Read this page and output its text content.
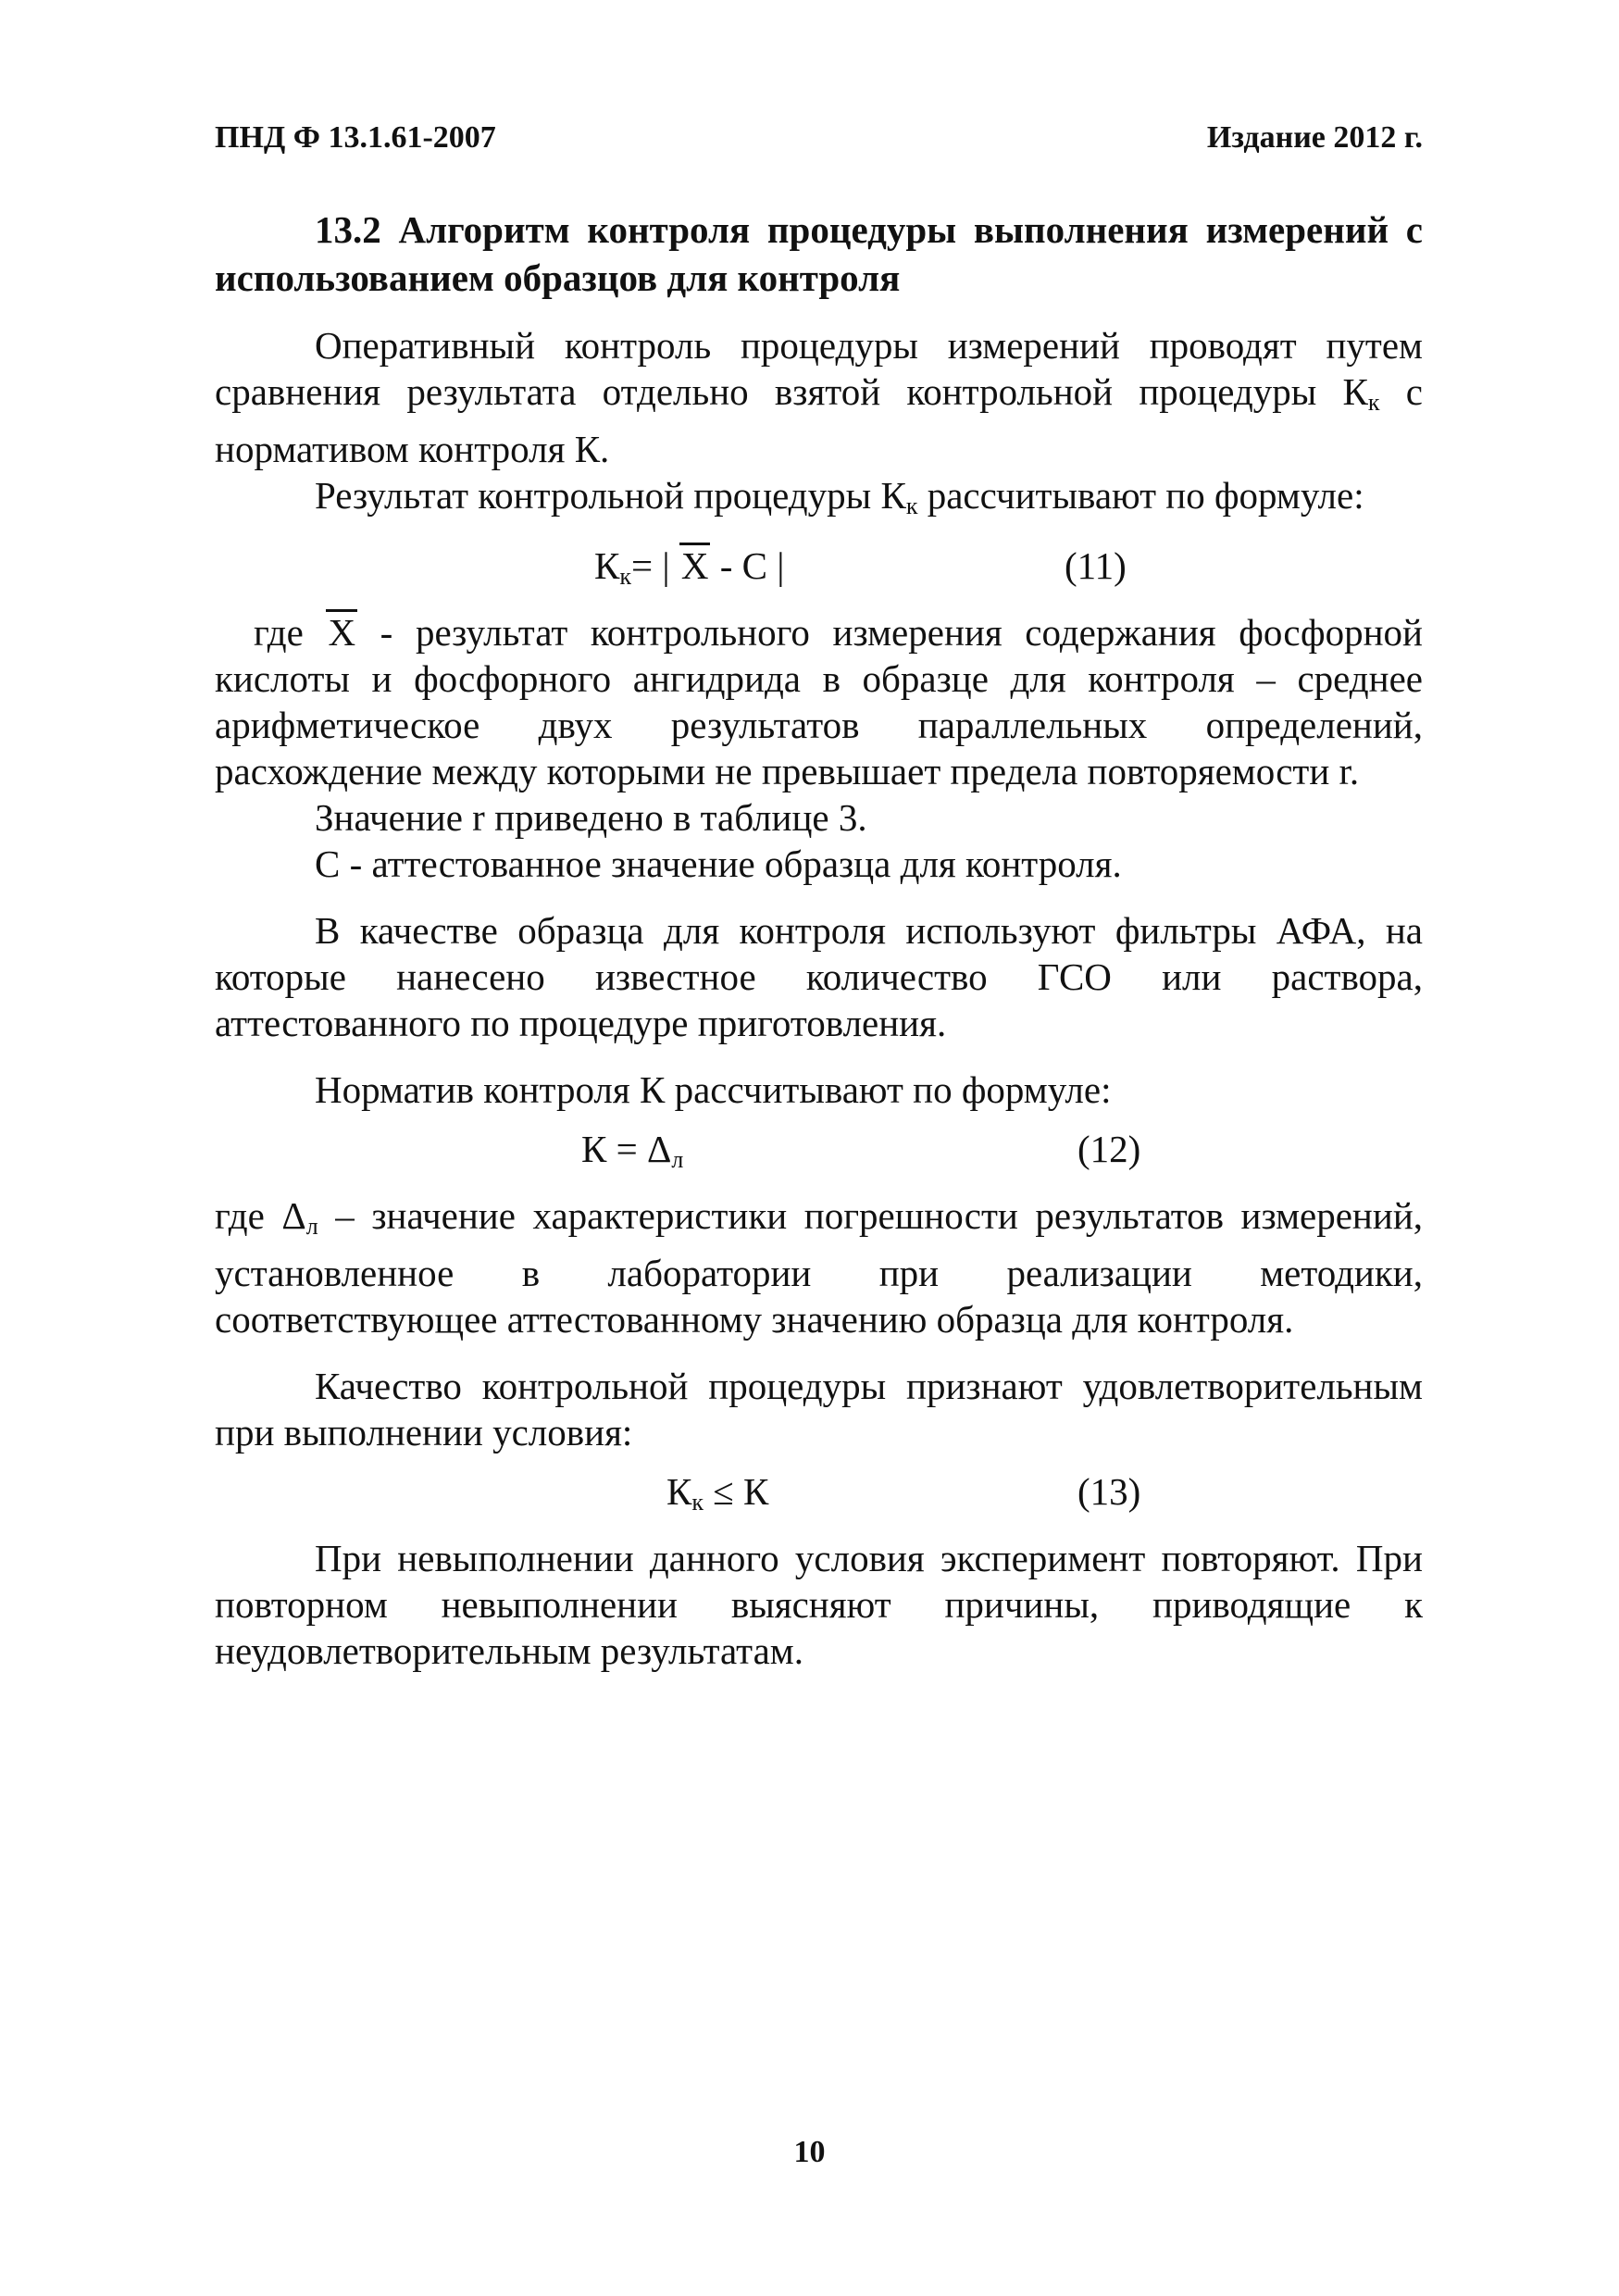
ПНД Ф 13.1.61-2007	Издание 2012 г.
13.2 Алгоритм контроля процедуры выполнения измерений с использованием образцов для контроля

Оперативный контроль процедуры измерений проводят путем сравнения результата отдельно взятой контрольной процедуры $К_к$ с нормативом контроля К.

Результат контрольной процедуры $К_к$ рассчитывают по формуле:

$К_к=$ | X - С |	(11)

где X - результат контрольного измерения содержания фосфорной кислоты и фосфорного ангидрида в образце для контроля – среднее арифметическое двух результатов параллельных определений, расхождение между которыми не превышает предела повторяемости r.

Значение r приведено в таблице 3.

С - аттестованное значение образца для контроля.

В качестве образца для контроля используют фильтры АФА, на которые нанесено известное количество ГСО или раствора, аттестованного по процедуре приготовления.

Норматив контроля К рассчитывают по формуле:

$К = \Delta_л$	(12)

где $\Delta_л$ – значение характеристики погрешности результатов измерений, установленное в лаборатории при реализации методики, соответствующее аттестованному значению образца для контроля.

Качество контрольной процедуры признают удовлетворительным при выполнении условия:

$К_к \le К$	(13)

При невыполнении данного условия эксперимент повторяют. При повторном невыполнении выясняют причины, приводящие к неудовлетворительным результатам.

10
